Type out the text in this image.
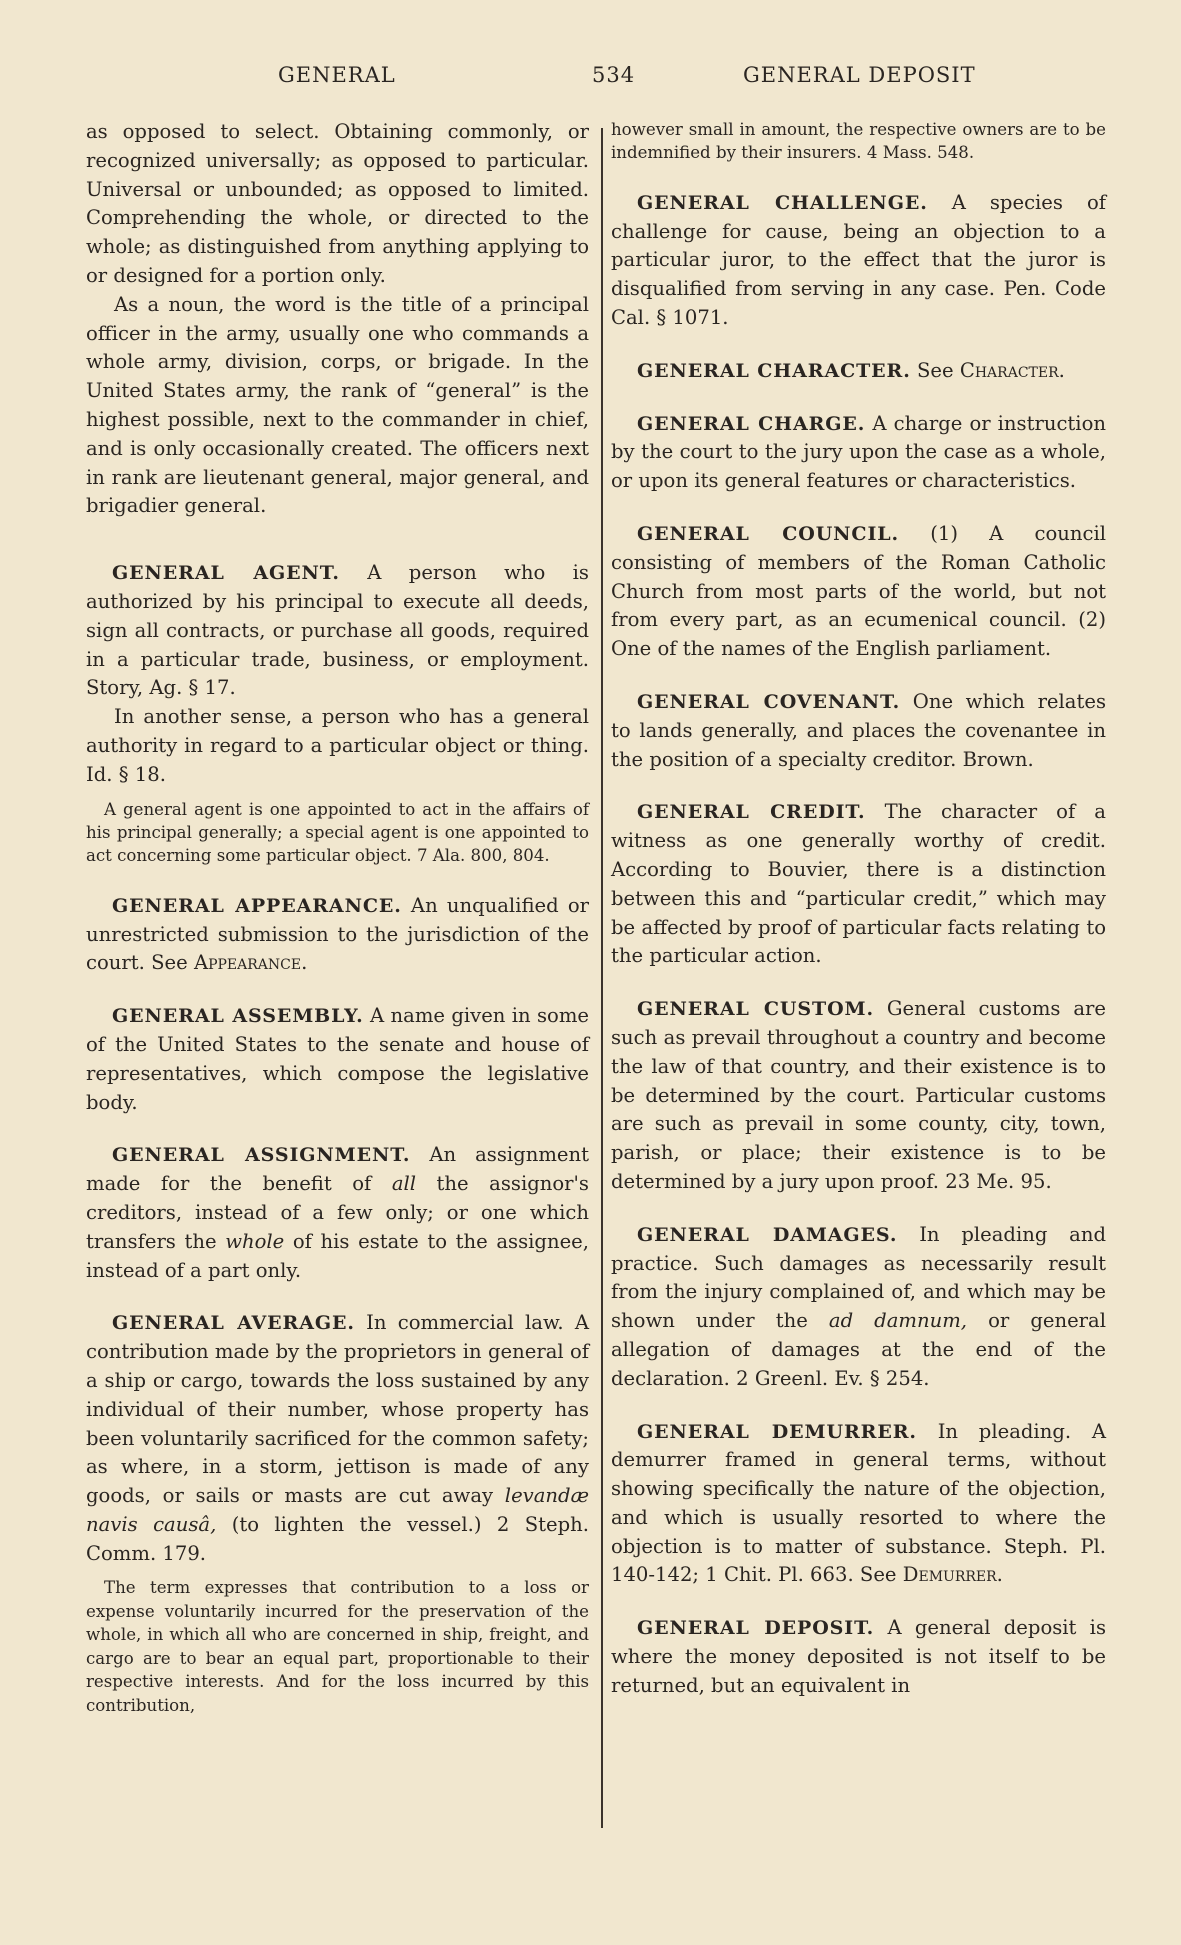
GENERAL	534	GENERAL DEPOSIT

as opposed to select. Obtaining commonly, or recognized universally; as opposed to particular. Universal or unbounded; as opposed to limited. Comprehending the whole, or directed to the whole; as distinguished from anything applying to or designed for a portion only.

As a noun, the word is the title of a principal officer in the army, usually one who commands a whole army, division, corps, or brigade. In the United States army, the rank of “general” is the highest possible, next to the commander in chief, and is only occasionally created. The officers next in rank are lieutenant general, major general, and brigadier general.

GENERAL AGENT. A person who is authorized by his principal to execute all deeds, sign all contracts, or purchase all goods, required in a particular trade, business, or employment. Story, Ag. § 17.

In another sense, a person who has a general authority in regard to a particular object or thing. Id. § 18.

A general agent is one appointed to act in the affairs of his principal generally; a special agent is one appointed to act concerning some particular object. 7 Ala. 800, 804.

GENERAL APPEARANCE. An unqualified or unrestricted submission to the jurisdiction of the court. See Appearance.

GENERAL ASSEMBLY. A name given in some of the United States to the senate and house of representatives, which compose the legislative body.

GENERAL ASSIGNMENT. An assignment made for the benefit of all the assignor's creditors, instead of a few only; or one which transfers the whole of his estate to the assignee, instead of a part only.

GENERAL AVERAGE. In commercial law. A contribution made by the proprietors in general of a ship or cargo, towards the loss sustained by any individual of their number, whose property has been voluntarily sacrificed for the common safety; as where, in a storm, jettison is made of any goods, or sails or masts are cut away levandæ navis causâ, (to lighten the vessel.) 2 Steph. Comm. 179.

The term expresses that contribution to a loss or expense voluntarily incurred for the preservation of the whole, in which all who are concerned in ship, freight, and cargo are to bear an equal part, proportionable to their respective interests. And for the loss incurred by this contribution,

however small in amount, the respective owners are to be indemnified by their insurers. 4 Mass. 548.

GENERAL CHALLENGE. A species of challenge for cause, being an objection to a particular juror, to the effect that the juror is disqualified from serving in any case. Pen. Code Cal. § 1071.

GENERAL CHARACTER. See Character.

GENERAL CHARGE. A charge or instruction by the court to the jury upon the case as a whole, or upon its general features or characteristics.

GENERAL COUNCIL. (1) A council consisting of members of the Roman Catholic Church from most parts of the world, but not from every part, as an ecumenical council. (2) One of the names of the English parliament.

GENERAL COVENANT. One which relates to lands generally, and places the covenantee in the position of a specialty creditor. Brown.

GENERAL CREDIT. The character of a witness as one generally worthy of credit. According to Bouvier, there is a distinction between this and “particular credit,” which may be affected by proof of particular facts relating to the particular action.

GENERAL CUSTOM. General customs are such as prevail throughout a country and become the law of that country, and their existence is to be determined by the court. Particular customs are such as prevail in some county, city, town, parish, or place; their existence is to be determined by a jury upon proof. 23 Me. 95.

GENERAL DAMAGES. In pleading and practice. Such damages as necessarily result from the injury complained of, and which may be shown under the ad damnum, or general allegation of damages at the end of the declaration. 2 Greenl. Ev. § 254.

GENERAL DEMURRER. In pleading. A demurrer framed in general terms, without showing specifically the nature of the objection, and which is usually resorted to where the objection is to matter of substance. Steph. Pl. 140-142; 1 Chit. Pl. 663. See Demurrer.

GENERAL DEPOSIT. A general deposit is where the money deposited is not itself to be returned, but an equivalent in
